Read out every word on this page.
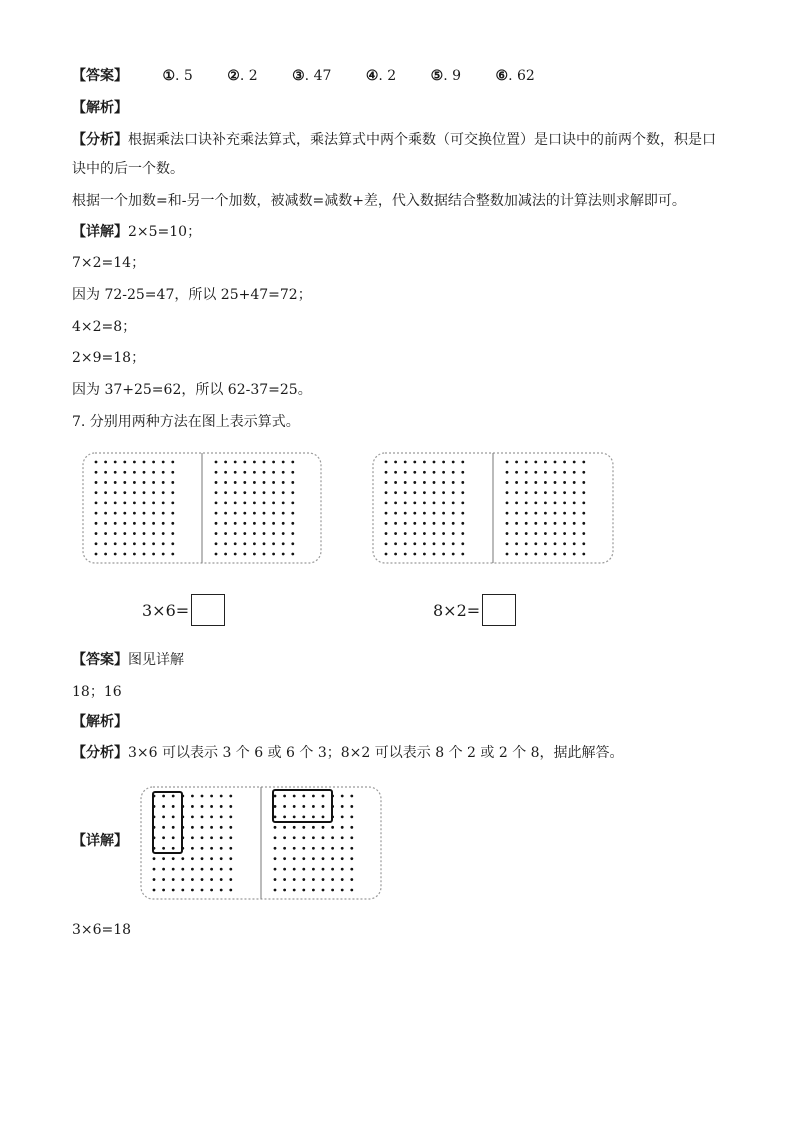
【答案】 ①. 5 ②. 2 ③. 47 ④. 2 ⑤. 9 ⑥. 62
【解析】
【分析】根据乘法口诀补充乘法算式，乘法算式中两个乘数（可交换位置）是口诀中的前两个数，积是口
诀中的后一个数。
根据一个加数=和-另一个加数，被减数=减数+差，代入数据结合整数加减法的计算法则求解即可。
【详解】2×5=10；
7×2=14；
因为 72-25=47，所以 25+47=72；
4×2=8；
2×9=18；
因为 37+25=62，所以 62-37=25。
7. 分别用两种方法在图上表示算式。
3×6=	8×2=
【答案】图见详解
18；16
【解析】
【分析】3×6 可以表示 3 个 6 或 6 个 3；8×2 可以表示 8 个 2 或 2 个 8，据此解答。
【详解】
3×6=18
